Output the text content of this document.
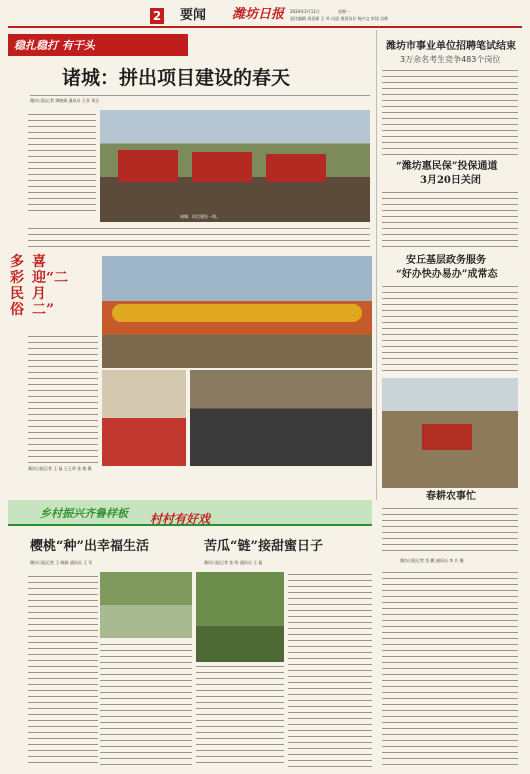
2 要闻 潍坊日报 2024年3月11日	星期一
责任编辑 刘金霖 王 叶 冯思 视觉设计 杨兴文 审读 吴辉
稳扎稳打 有干头
诸城：拼出项目建设的春天
潍坊日报记者 谭晓娟 通讯员 王亚 刘正
诸城：项目建设一线。
多彩民俗
喜迎“二月二”
潍坊日报记者 王 磊 王玉华 张 敏 摄
潍坊市事业单位招聘笔试结束
3万余名考生竞争483个岗位
“潍坊惠民保”投保通道
3月20日关闭
安丘基层政务服务
“好办快办易办”成常态
春耕农事忙
潍坊日报记者 范 鹏 通讯员 李 兵 摄
乡村振兴齐鲁样板 村村有好戏
樱桃“种”出幸福生活
潍坊日报记者 王 晓娟 通讯员 王 军
苦瓜“链”接甜蜜日子
潍坊日报记者 张 明 通讯员 王 磊
